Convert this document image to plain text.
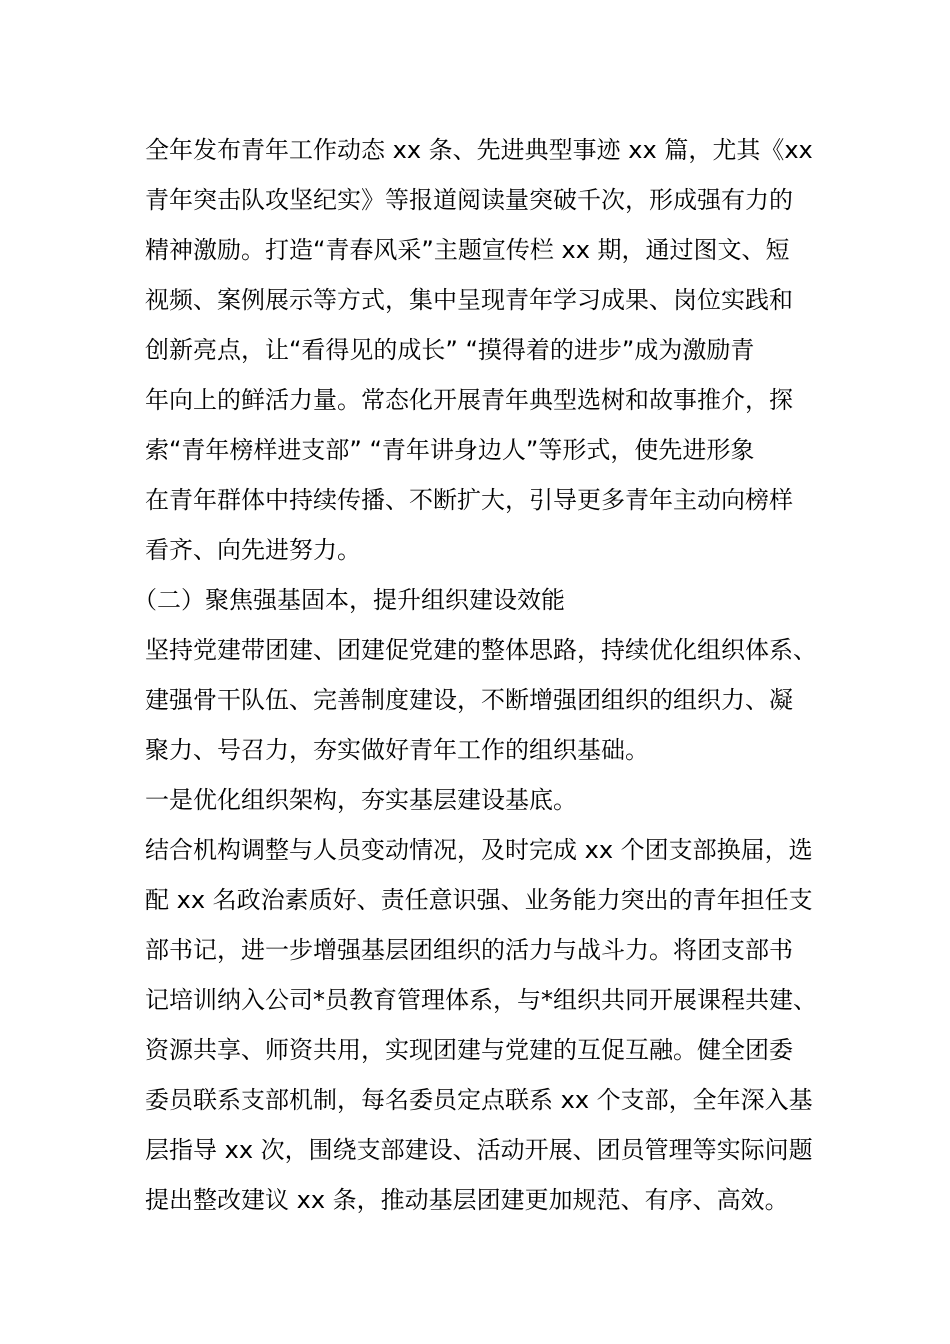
全年发布青年工作动态 xx 条、先进典型事迹 xx 篇，尤其《xx
青年突击队攻坚纪实》等报道阅读量突破千次，形成强有力的
精神激励。打造“青春风采”主题宣传栏 xx 期，通过图文、短
视频、案例展示等方式，集中呈现青年学习成果、岗位实践和
创新亮点，让“看得见的成长” “摸得着的进步”成为激励青
年向上的鲜活力量。常态化开展青年典型选树和故事推介，探
索“青年榜样进支部” “青年讲身边人”等形式，使先进形象
在青年群体中持续传播、不断扩大，引导更多青年主动向榜样
看齐、向先进努力。
（二）聚焦强基固本，提升组织建设效能
坚持党建带团建、团建促党建的整体思路，持续优化组织体系、
建强骨干队伍、完善制度建设，不断增强团组织的组织力、凝
聚力、号召力，夯实做好青年工作的组织基础。
一是优化组织架构，夯实基层建设基底。
结合机构调整与人员变动情况，及时完成 xx 个团支部换届，选
配 xx 名政治素质好、责任意识强、业务能力突出的青年担任支
部书记，进一步增强基层团组织的活力与战斗力。将团支部书
记培训纳入公司*员教育管理体系，与*组织共同开展课程共建、
资源共享、师资共用，实现团建与党建的互促互融。健全团委
委员联系支部机制，每名委员定点联系 xx 个支部，全年深入基
层指导 xx 次，围绕支部建设、活动开展、团员管理等实际问题
提出整改建议 xx 条，推动基层团建更加规范、有序、高效。
